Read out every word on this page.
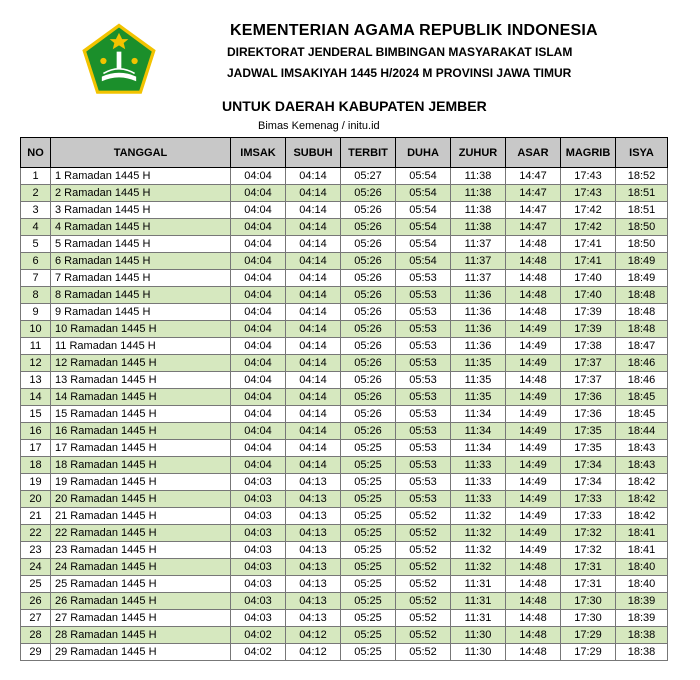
KEMENTERIAN AGAMA REPUBLIK INDONESIA
DIREKTORAT JENDERAL BIMBINGAN MASYARAKAT ISLAM
JADWAL IMSAKIYAH 1445 H/2024 M PROVINSI JAWA TIMUR
UNTUK DAERAH KABUPATEN JEMBER
Bimas Kemenag / initu.id
NO	TANGGAL	IMSAK	SUBUH	TERBIT	DUHA	ZUHUR	ASAR	MAGRIB	ISYA
1	1 Ramadan 1445 H	04:04	04:14	05:27	05:54	11:38	14:47	17:43	18:52
2	2 Ramadan 1445 H	04:04	04:14	05:26	05:54	11:38	14:47	17:43	18:51
3	3 Ramadan 1445 H	04:04	04:14	05:26	05:54	11:38	14:47	17:42	18:51
4	4 Ramadan 1445 H	04:04	04:14	05:26	05:54	11:38	14:47	17:42	18:50
5	5 Ramadan 1445 H	04:04	04:14	05:26	05:54	11:37	14:48	17:41	18:50
6	6 Ramadan 1445 H	04:04	04:14	05:26	05:54	11:37	14:48	17:41	18:49
7	7 Ramadan 1445 H	04:04	04:14	05:26	05:53	11:37	14:48	17:40	18:49
8	8 Ramadan 1445 H	04:04	04:14	05:26	05:53	11:36	14:48	17:40	18:48
9	9 Ramadan 1445 H	04:04	04:14	05:26	05:53	11:36	14:48	17:39	18:48
10	10 Ramadan 1445 H	04:04	04:14	05:26	05:53	11:36	14:49	17:39	18:48
11	11 Ramadan 1445 H	04:04	04:14	05:26	05:53	11:36	14:49	17:38	18:47
12	12 Ramadan 1445 H	04:04	04:14	05:26	05:53	11:35	14:49	17:37	18:46
13	13 Ramadan 1445 H	04:04	04:14	05:26	05:53	11:35	14:48	17:37	18:46
14	14 Ramadan 1445 H	04:04	04:14	05:26	05:53	11:35	14:49	17:36	18:45
15	15 Ramadan 1445 H	04:04	04:14	05:26	05:53	11:34	14:49	17:36	18:45
16	16 Ramadan 1445 H	04:04	04:14	05:26	05:53	11:34	14:49	17:35	18:44
17	17 Ramadan 1445 H	04:04	04:14	05:25	05:53	11:34	14:49	17:35	18:43
18	18 Ramadan 1445 H	04:04	04:14	05:25	05:53	11:33	14:49	17:34	18:43
19	19 Ramadan 1445 H	04:03	04:13	05:25	05:53	11:33	14:49	17:34	18:42
20	20 Ramadan 1445 H	04:03	04:13	05:25	05:53	11:33	14:49	17:33	18:42
21	21 Ramadan 1445 H	04:03	04:13	05:25	05:52	11:32	14:49	17:33	18:42
22	22 Ramadan 1445 H	04:03	04:13	05:25	05:52	11:32	14:49	17:32	18:41
23	23 Ramadan 1445 H	04:03	04:13	05:25	05:52	11:32	14:49	17:32	18:41
24	24 Ramadan 1445 H	04:03	04:13	05:25	05:52	11:32	14:48	17:31	18:40
25	25 Ramadan 1445 H	04:03	04:13	05:25	05:52	11:31	14:48	17:31	18:40
26	26 Ramadan 1445 H	04:03	04:13	05:25	05:52	11:31	14:48	17:30	18:39
27	27 Ramadan 1445 H	04:03	04:13	05:25	05:52	11:31	14:48	17:30	18:39
28	28 Ramadan 1445 H	04:02	04:12	05:25	05:52	11:30	14:48	17:29	18:38
29	29 Ramadan 1445 H	04:02	04:12	05:25	05:52	11:30	14:48	17:29	18:38
